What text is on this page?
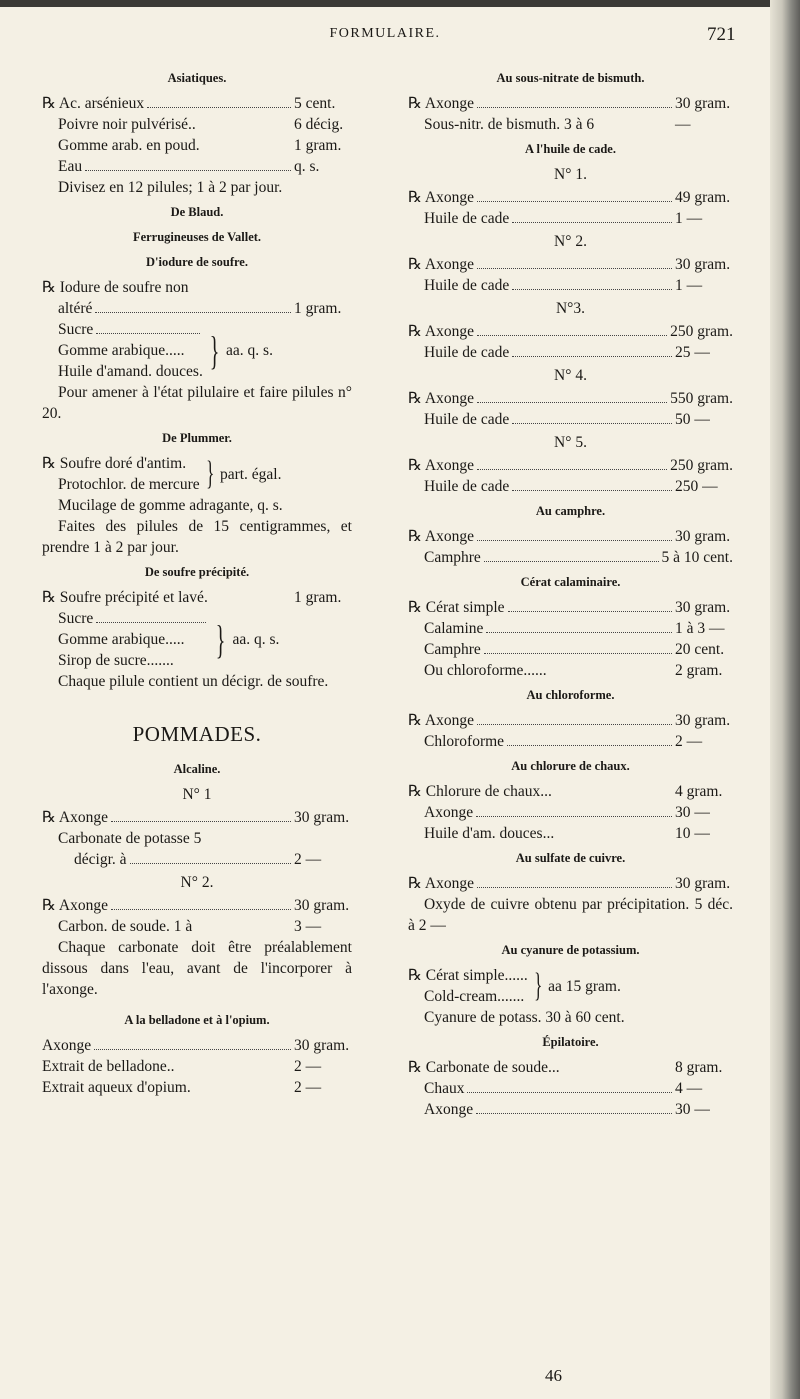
FORMULAIRE.	721
Asiatiques.
℞ Ac. arsénieux	5 cent.
Poivre noir pulvérisé..	6 décig.
Gomme arab. en poud.	1 gram.
Eau	q. s.
Divisez en 12 pilules; 1 à 2 par jour.
De Blaud.
Ferrugineuses de Vallet.
D'iodure de soufre.
℞ Iodure de soufre non
altéré	1 gram.
Sucre
Gomme arabique.....
Huile d'amand. douces. } aa. q. s.
Pour amener à l'état pilulaire et faire pilules n° 20.
De Plummer.
℞ Soufre doré d'antim.
Protochlor. de mercure } part. égal.
Mucilage de gomme adragante, q. s.
Faites des pilules de 15 centigrammes, et prendre 1 à 2 par jour.
De soufre précipité.
℞ Soufre précipité et lavé.	1 gram.
Sucre
Gomme arabique.....
Sirop de sucre....... } aa. q. s.
Chaque pilule contient un décigr. de soufre.
POMMADES.
Alcaline.
N° 1
℞ Axonge	30 gram.
Carbonate de potasse 5
décigr. à	2 —
N° 2.
℞ Axonge	30 gram.
Carbon. de soude. 1 à	3 —
Chaque carbonate doit être préalablement dissous dans l'eau, avant de l'incorporer à l'axonge.
A la belladone et à l'opium.
Axonge	30 gram.
Extrait de belladone..	2 —
Extrait aqueux d'opium.	2 —
Au sous-nitrate de bismuth.
℞ Axonge	30 gram.
Sous-nitr. de bismuth. 3 à 6	—
A l'huile de cade.
N° 1.
℞ Axonge	49 gram.
Huile de cade	1 —
N° 2.
℞ Axonge	30 gram.
Huile de cade	1 —
N°3.
℞ Axonge	250 gram.
Huile de cade	25 —
N° 4.
℞ Axonge	550 gram.
Huile de cade	50 —
N° 5.
℞ Axonge	250 gram.
Huile de cade	250 —
Au camphre.
℞ Axonge	30 gram.
Camphre	5 à 10 cent.
Cérat calaminaire.
℞ Cérat simple	30 gram.
Calamine	1 à 3 —
Camphre	20 cent.
Ou chloroforme......	2 gram.
Au chloroforme.
℞ Axonge	30 gram.
Chloroforme	2 —
Au chlorure de chaux.
℞ Chlorure de chaux...	4 gram.
Axonge	30 —
Huile d'am. douces...	10 —
Au sulfate de cuivre.
℞ Axonge	30 gram.
Oxyde de cuivre obtenu par précipitation. 5 déc. à 2 —
Au cyanure de potassium.
℞ Cérat simple......
Cold-cream....... } aa 15 gram.
Cyanure de potass. 30 à 60 cent.
Épilatoire.
℞ Carbonate de soude...	8 gram.
Chaux	4 —
Axonge	30 —
46
